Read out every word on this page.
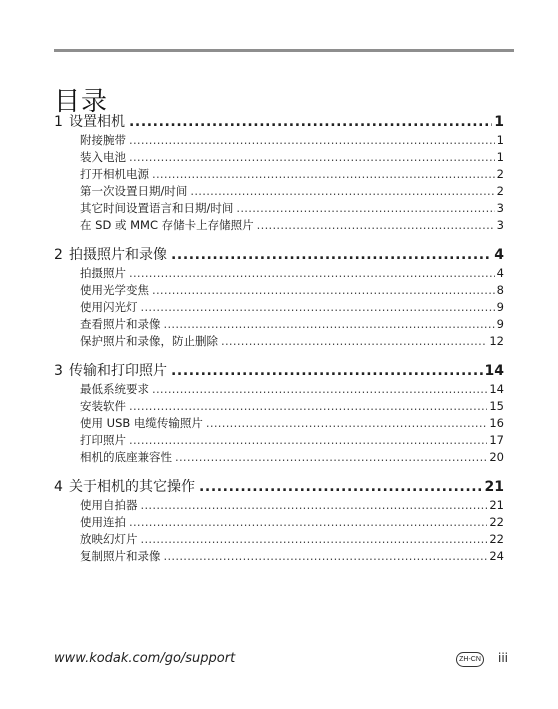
目录
1 设置相机 .....	1
附接腕带 .....	1
装入电池 .....	1
打开相机电源 .....	2
第一次设置日期/时间 .....	2
其它时间设置语言和日期/时间 .....	3
在 SD 或 MMC 存储卡上存储照片 .....	3
2 拍摄照片和录像 .....	4
拍摄照片 .....	4
使用光学变焦 .....	8
使用闪光灯 .....	9
查看照片和录像 .....	9
保护照片和录像，防止删除 .....	12
3 传输和打印照片 .....	14
最低系统要求 .....	14
安装软件 .....	15
使用 USB 电缆传输照片 .....	16
打印照片 .....	17
相机的底座兼容性 .....	20
4 关于相机的其它操作 .....	21
使用自拍器 .....	21
使用连拍 .....	22
放映幻灯片 .....	22
复制照片和录像 .....	24
www.kodak.com/go/support	ZH-CN iii
